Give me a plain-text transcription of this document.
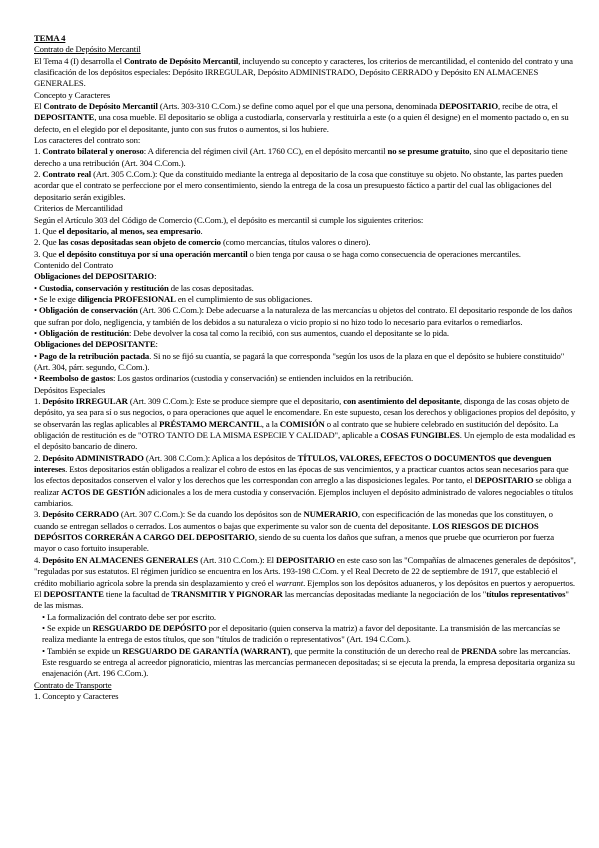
TEMA 4

Contrato de Depósito Mercantil

El Tema 4 (I) desarrolla el Contrato de Depósito Mercantil, incluyendo su concepto y caracteres, los criterios de mercantilidad, el contenido del contrato y una clasificación de los depósitos especiales: Depósito IRREGULAR, Depósito ADMINISTRADO, Depósito CERRADO y Depósito EN ALMACENES GENERALES.

Concepto y Caracteres

El Contrato de Depósito Mercantil (Arts. 303-310 C.Com.) se define como aquel por el que una persona, denominada DEPOSITARIO, recibe de otra, el DEPOSITANTE, una cosa mueble. El depositario se obliga a custodiarla, conservarla y restituirla a este (o a quien él designe) en el momento pactado o, en su defecto, en el elegido por el depositante, junto con sus frutos o aumentos, si los hubiere.

Los caracteres del contrato son:

1. Contrato bilateral y oneroso: A diferencia del régimen civil (Art. 1760 CC), en el depósito mercantil no se presume gratuito, sino que el depositario tiene derecho a una retribución (Art. 304 C.Com.).

2. Contrato real (Art. 305 C.Com.): Que da constituido mediante la entrega al depositario de la cosa que constituye su objeto. No obstante, las partes pueden acordar que el contrato se perfeccione por el mero consentimiento, siendo la entrega de la cosa un presupuesto fáctico a partir del cual las obligaciones del depositario serán exigibles.

Criterios de Mercantilidad

Según el Artículo 303 del Código de Comercio (C.Com.), el depósito es mercantil si cumple los siguientes criterios:

1. Que el depositario, al menos, sea empresario.

2. Que las cosas depositadas sean objeto de comercio (como mercancías, títulos valores o dinero).

3. Que el depósito constituya por sí una operación mercantil o bien tenga por causa o se haga como consecuencia de operaciones mercantiles.

Contenido del Contrato

Obligaciones del DEPOSITARIO:

• Custodia, conservación y restitución de las cosas depositadas.

• Se le exige diligencia PROFESIONAL en el cumplimiento de sus obligaciones.

• Obligación de conservación (Art. 306 C.Com.): Debe adecuarse a la naturaleza de las mercancías u objetos del contrato. El depositario responde de los daños que sufran por dolo, negligencia, y también de los debidos a su naturaleza o vicio propio si no hizo todo lo necesario para evitarlos o remediarlos.

• Obligación de restitución: Debe devolver la cosa tal como la recibió, con sus aumentos, cuando el depositante se lo pida.

Obligaciones del DEPOSITANTE:

• Pago de la retribución pactada. Si no se fijó su cuantía, se pagará la que corresponda "según los usos de la plaza en que el depósito se hubiere constituido" (Art. 304, párr. segundo, C.Com.).

• Reembolso de gastos: Los gastos ordinarios (custodia y conservación) se entienden incluidos en la retribución.

Depósitos Especiales

1. Depósito IRREGULAR (Art. 309 C.Com.): Este se produce siempre que el depositario, con asentimiento del depositante, disponga de las cosas objeto de depósito, ya sea para sí o sus negocios, o para operaciones que aquel le encomendare. En este supuesto, cesan los derechos y obligaciones propios del depósito, y se observarán las reglas aplicables al PRÉSTAMO MERCANTIL, a la COMISIÓN o al contrato que se hubiere celebrado en sustitución del depósito. La obligación de restitución es de "OTRO TANTO DE LA MISMA ESPECIE Y CALIDAD", aplicable a COSAS FUNGIBLES. Un ejemplo de esta modalidad es el depósito bancario de dinero.

2. Depósito ADMINISTRADO (Art. 308 C.Com.): Aplica a los depósitos de TÍTULOS, VALORES, EFECTOS O DOCUMENTOS que devenguen intereses. Estos depositarios están obligados a realizar el cobro de estos en las épocas de sus vencimientos, y a practicar cuantos actos sean necesarios para que los efectos depositados conserven el valor y los derechos que les correspondan con arreglo a las disposiciones legales. Por tanto, el DEPOSITARIO se obliga a realizar ACTOS DE GESTIÓN adicionales a los de mera custodia y conservación. Ejemplos incluyen el depósito administrado de valores negociables o títulos cambiarios.

3. Depósito CERRADO (Art. 307 C.Com.): Se da cuando los depósitos son de NUMERARIO, con especificación de las monedas que los constituyen, o cuando se entregan sellados o cerrados. Los aumentos o bajas que experimente su valor son de cuenta del depositante. LOS RIESGOS DE DICHOS DEPÓSITOS CORRERÁN A CARGO DEL DEPOSITARIO, siendo de su cuenta los daños que sufran, a menos que pruebe que ocurrieron por fuerza mayor o caso fortuito insuperable.

4. Depósito EN ALMACENES GENERALES (Art. 310 C.Com.): El DEPOSITARIO en este caso son las "Compañías de almacenes generales de depósitos", "reguladas por sus estatutos. El régimen jurídico se encuentra en los Arts. 193-198 C.Com. y el Real Decreto de 22 de septiembre de 1917, que estableció el crédito mobiliario agrícola sobre la prenda sin desplazamiento y creó el warrant. Ejemplos son los depósitos aduaneros, y los depósitos en puertos y aeropuertos. El DEPOSITANTE tiene la facultad de TRANSMITIR Y PIGNORAR las mercancías depositadas mediante la negociación de los "títulos representativos" de las mismas.

• La formalización del contrato debe ser por escrito.

• Se expide un RESGUARDO DE DEPÓSITO por el depositario (quien conserva la matriz) a favor del depositante. La transmisión de las mercancías se realiza mediante la entrega de estos títulos, que son "títulos de tradición o representativos" (Art. 194 C.Com.).

• También se expide un RESGUARDO DE GARANTÍA (WARRANT), que permite la constitución de un derecho real de PRENDA sobre las mercancías. Este resguardo se entrega al acreedor pignoraticio, mientras las mercancías permanecen depositadas; si se ejecuta la prenda, la empresa depositaria organiza su enajenación (Art. 196 C.Com.).

Contrato de Transporte

1. Concepto y Caracteres
